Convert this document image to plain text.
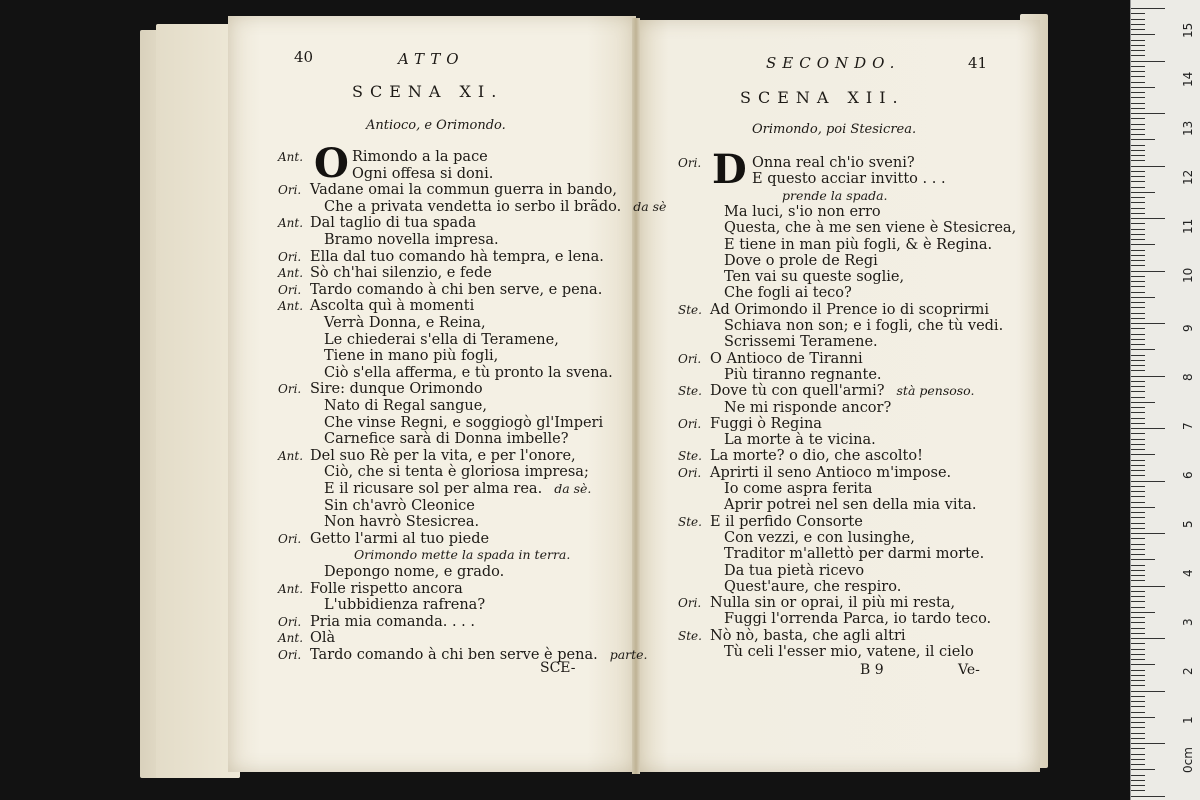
40	ATTO
SCENA XI.
Antioco, e Orimondo.
O
Ant.	Rimondo a la pace
Ogni offesa si doni.
Ori. Vadane omai la commun guerra in bando,
Che a privata vendetta io serbo il brãdo. da sè
Ant. Dal taglio di tua spada
Bramo novella impresa.
Ori. Ella dal tuo comando hà tempra, e lena.
Ant. Sò ch'hai silenzio, e fede
Ori. Tardo comando à chi ben serve, e pena.
Ant. Ascolta quì à momenti
Verrà Donna, e Reina,
Le chiederai s'ella di Teramene,
Tiene in mano più fogli,
Ciò s'ella afferma, e tù pronto la svena.
Ori. Sire: dunque Orimondo
Nato di Regal sangue,
Che vinse Regni, e soggiogò gl'Imperi
Carnefice sarà di Donna imbelle?
Ant. Del suo Rè per la vita, e per l'onore,
Ciò, che si tenta è gloriosa impresa;
E il ricusare sol per alma rea. da sè.
Sin ch'avrò Cleonice
Non havrò Stesicrea.
Ori. Getto l'armi al tuo piede
Orimondo mette la spada in terra.
Depongo nome, e grado.
Ant. Folle rispetto ancora
L'ubbidienza rafrena?
Ori. Pria mia comanda. . . .
Ant. Olà
Ori. Tardo comando à chi ben serve è pena. parte.
SCE-
SECONDO.	41
SCENA XII.
Orimondo, poi Stesicrea.
D
Ori.	Onna real ch'io sveni?
E questo acciar invitto . . .
prende la spada.
Ma luci, s'io non erro
Questa, che à me sen viene è Stesicrea,
E tiene in man più fogli, & è Regina.
Dove o prole de Regi
Ten vai su queste soglie,
Che fogli ai teco?
Ste. Ad Orimondo il Prence io di scoprirmi
Schiava non son; e i fogli, che tù vedi.
Scrissemi Teramene.
Ori. O Antioco de Tiranni
Più tiranno regnante.
Ste. Dove tù con quell'armi? stà pensoso.
Ne mi risponde ancor?
Ori. Fuggi ò Regina
La morte à te vicina.
Ste. La morte? o dio, che ascolto!
Ori. Aprirti il seno Antioco m'impose.
Io come aspra ferita
Aprir potrei nel sen della mia vita.
Ste. E il perfido Consorte
Con vezzi, e con lusinghe,
Traditor m'allettò per darmi morte.
Da tua pietà ricevo
Quest'aure, che respiro.
Ori. Nulla sin or oprai, il più mi resta,
Fuggi l'orrenda Parca, io tardo teco.
Ste. Nò nò, basta, che agli altri
Tù celi l'esser mio, vatene, il cielo
B 9	Ve-
15
14
13
12
11
10
9
8
7
6
5
4
3
2
1
0cm
